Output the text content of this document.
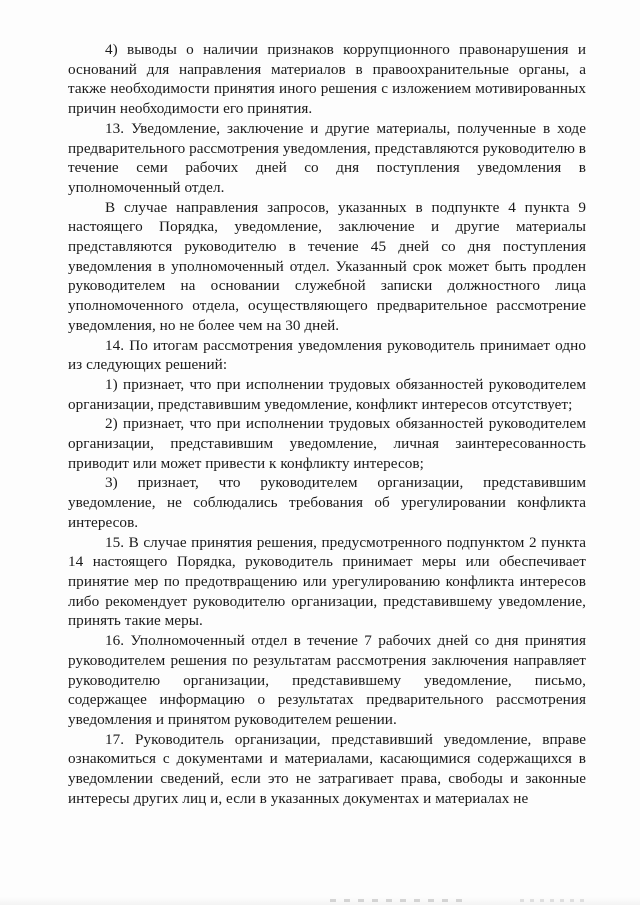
4) выводы о наличии признаков коррупционного правонарушения и оснований для направления материалов в правоохранительные органы, а также необходимости принятия иного решения с изложением мотивированных причин необходимости его принятия.

13. Уведомление, заключение и другие материалы, полученные в ходе предварительного рассмотрения уведомления, представляются руководителю в течение семи рабочих дней со дня поступления уведомления в уполномоченный отдел.

В случае направления запросов, указанных в подпункте 4 пункта 9 настоящего Порядка, уведомление, заключение и другие материалы представляются руководителю в течение 45 дней со дня поступления уведомления в уполномоченный отдел. Указанный срок может быть продлен руководителем на основании служебной записки должностного лица уполномоченного отдела, осуществляющего предварительное рассмотрение уведомления, но не более чем на 30 дней.

14. По итогам рассмотрения уведомления руководитель принимает одно из следующих решений:

1) признает, что при исполнении трудовых обязанностей руководителем организации, представившим уведомление, конфликт интересов отсутствует;

2) признает, что при исполнении трудовых обязанностей руководителем организации, представившим уведомление, личная заинтересованность приводит или может привести к конфликту интересов;

3) признает, что руководителем организации, представившим уведомление, не соблюдались требования об урегулировании конфликта интересов.

15. В случае принятия решения, предусмотренного подпунктом 2 пункта 14 настоящего Порядка, руководитель принимает меры или обеспечивает принятие мер по предотвращению или урегулированию конфликта интересов либо рекомендует руководителю организации, представившему уведомление, принять такие меры.

16. Уполномоченный отдел в течение 7 рабочих дней со дня принятия руководителем решения по результатам рассмотрения заключения направляет руководителю организации, представившему уведомление, письмо, содержащее информацию о результатах предварительного рассмотрения уведомления и принятом руководителем решении.

17. Руководитель организации, представивший уведомление, вправе ознакомиться с документами и материалами, касающимися содержащихся в уведомлении сведений, если это не затрагивает права, свободы и законные интересы других лиц и, если в указанных документах и материалах не
